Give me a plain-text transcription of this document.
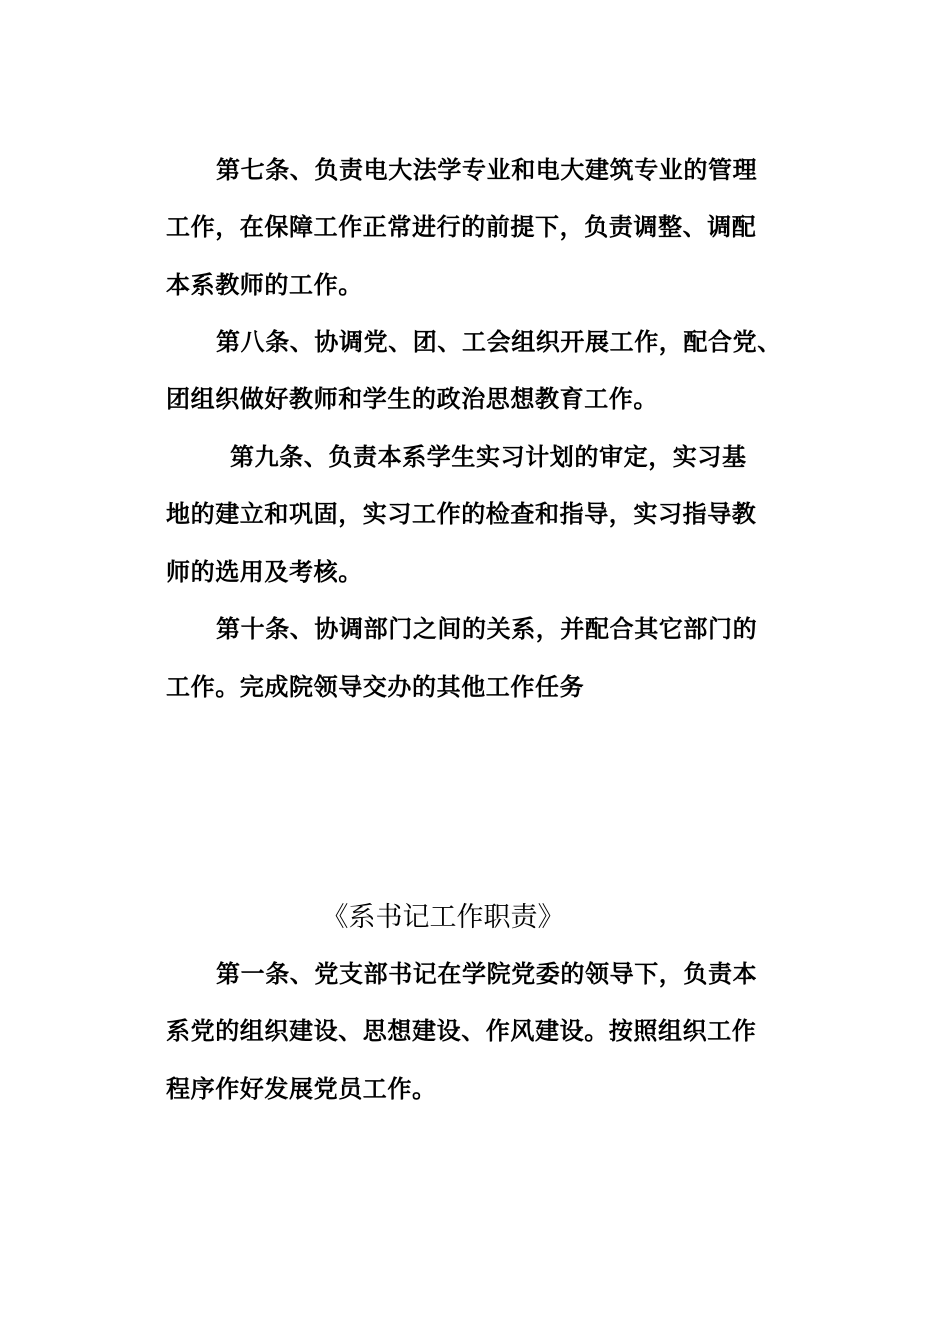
第七条、负责电大法学专业和电大建筑专业的管理
工作，在保障工作正常进行的前提下，负责调整、调配
本系教师的工作。
第八条、协调党、团、工会组织开展工作，配合党、
团组织做好教师和学生的政治思想教育工作。
第九条、负责本系学生实习计划的审定，实习基
地的建立和巩固，实习工作的检查和指导，实习指导教
师的选用及考核。
第十条、协调部门之间的关系，并配合其它部门的
工作。完成院领导交办的其他工作任务
《系书记工作职责》
第一条、党支部书记在学院党委的领导下，负责本
系党的组织建设、思想建设、作风建设。按照组织工作
程序作好发展党员工作。
